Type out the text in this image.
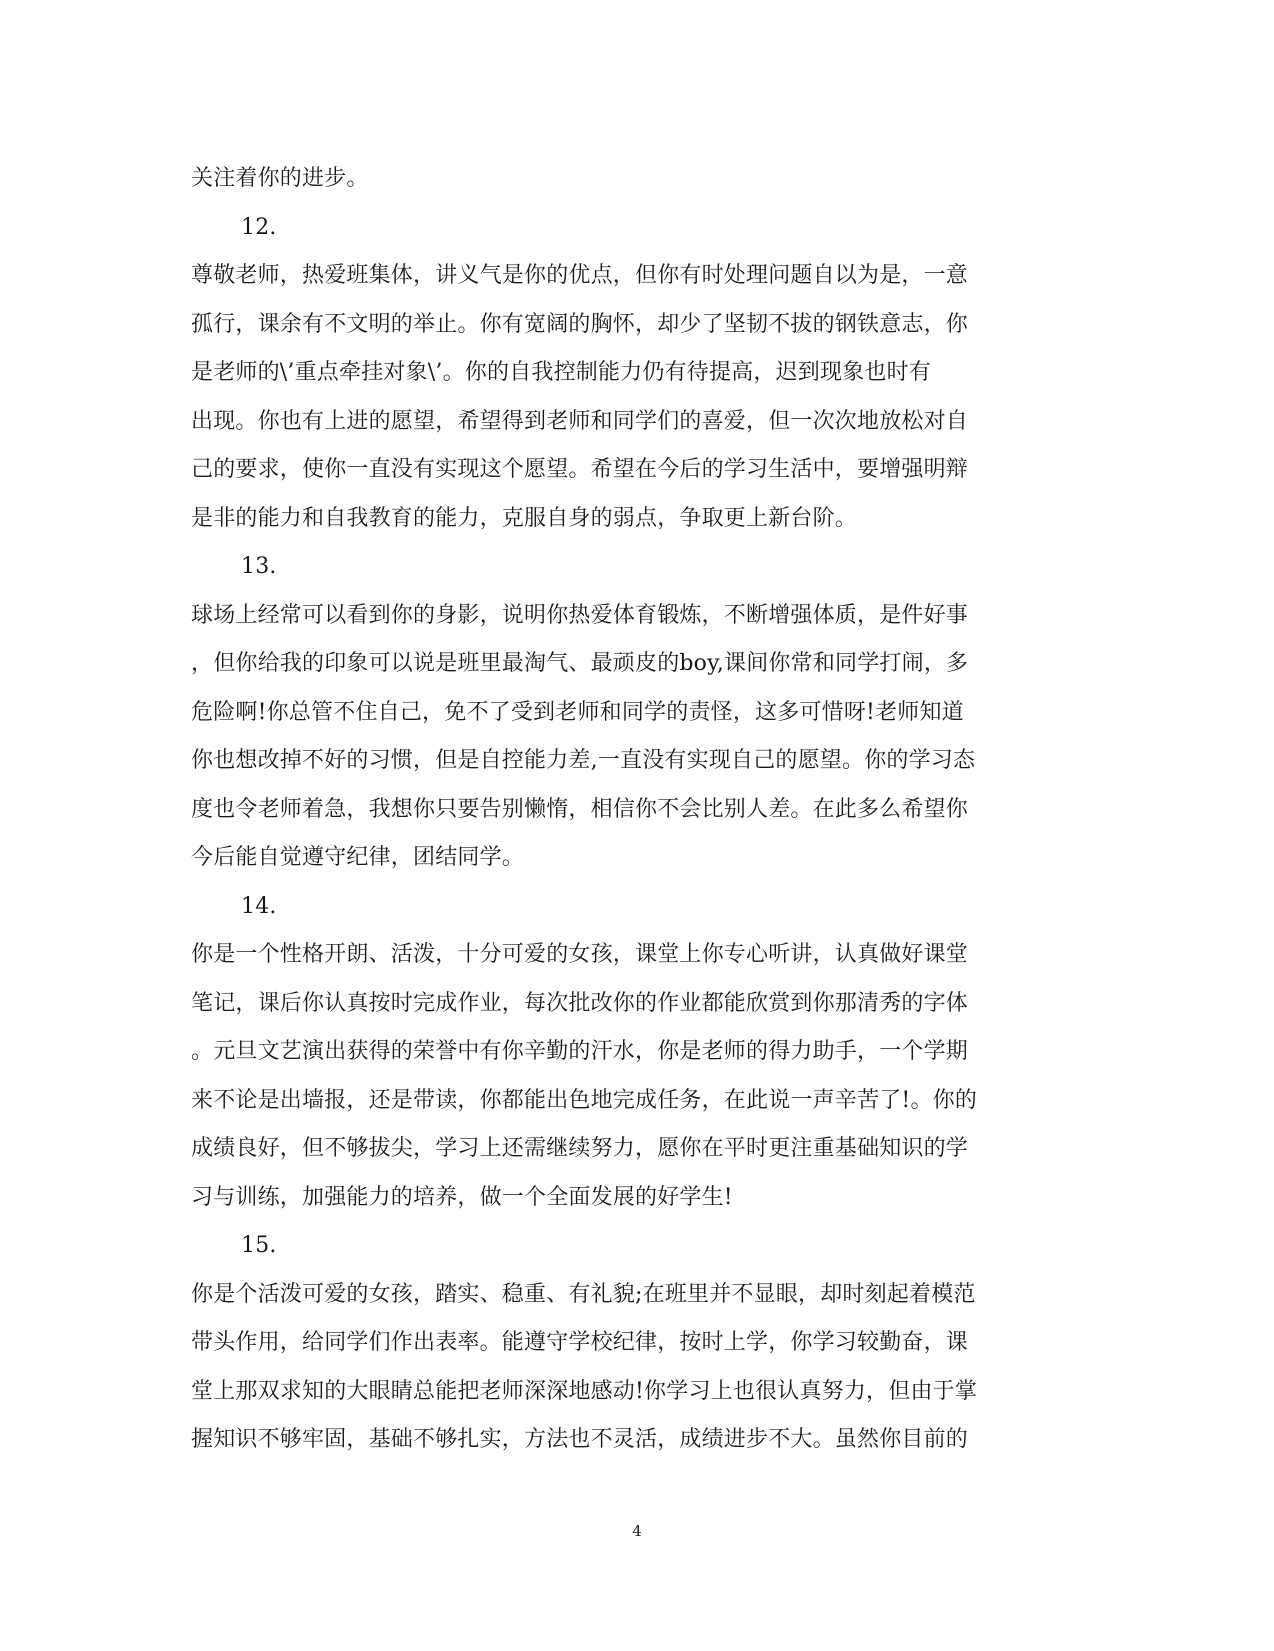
关注着你的进步。
12.
尊敬老师，热爱班集体，讲义气是你的优点，但你有时处理问题自以为是，一意
孤行，课余有不文明的举止。你有宽阔的胸怀，却少了坚韧不拔的钢铁意志，你
是老师的\’重点牵挂对象\’。你的自我控制能力仍有待提高，迟到现象也时有
出现。你也有上进的愿望，希望得到老师和同学们的喜爱，但一次次地放松对自
己的要求，使你一直没有实现这个愿望。希望在今后的学习生活中，要增强明辩
是非的能力和自我教育的能力，克服自身的弱点，争取更上新台阶。
13.
球场上经常可以看到你的身影，说明你热爱体育锻炼，不断增强体质，是件好事
，但你给我的印象可以说是班里最淘气、最顽皮的boy,课间你常和同学打闹，多
危险啊!你总管不住自己，免不了受到老师和同学的责怪，这多可惜呀!老师知道
你也想改掉不好的习惯，但是自控能力差,一直没有实现自己的愿望。你的学习态
度也令老师着急，我想你只要告别懒惰，相信你不会比别人差。在此多么希望你
今后能自觉遵守纪律，团结同学。
14.
你是一个性格开朗、活泼，十分可爱的女孩，课堂上你专心听讲，认真做好课堂
笔记，课后你认真按时完成作业，每次批改你的作业都能欣赏到你那清秀的字体
。元旦文艺演出获得的荣誉中有你辛勤的汗水，你是老师的得力助手，一个学期
来不论是出墙报，还是带读，你都能出色地完成任务，在此说一声辛苦了!。你的
成绩良好，但不够拔尖，学习上还需继续努力，愿你在平时更注重基础知识的学
习与训练，加强能力的培养，做一个全面发展的好学生!
15.
你是个活泼可爱的女孩，踏实、稳重、有礼貌;在班里并不显眼，却时刻起着模范
带头作用，给同学们作出表率。能遵守学校纪律，按时上学，你学习较勤奋，课
堂上那双求知的大眼睛总能把老师深深地感动!你学习上也很认真努力，但由于掌
握知识不够牢固，基础不够扎实，方法也不灵活，成绩进步不大。虽然你目前的
4
